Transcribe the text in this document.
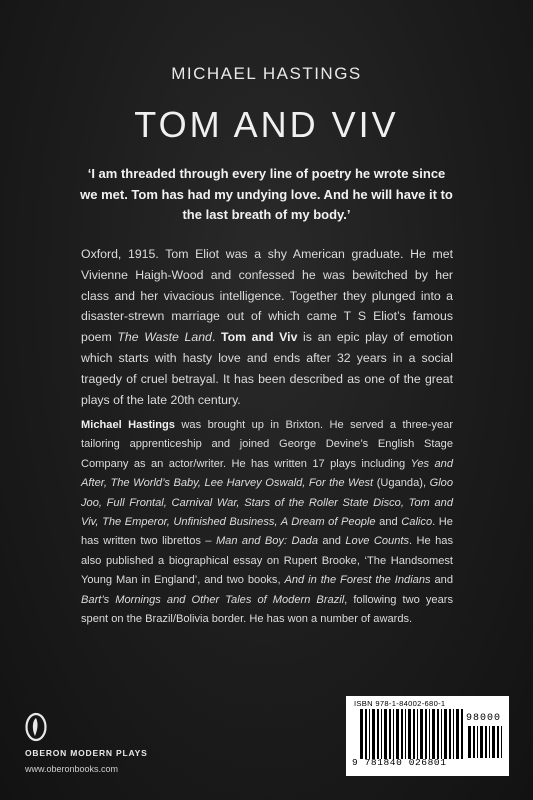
MICHAEL HASTINGS
TOM AND VIV

‘I am threaded through every line of poetry he wrote since we met. Tom has had my undying love. And he will have it to the last breath of my body.’

Oxford, 1915. Tom Eliot was a shy American graduate. He met Vivienne Haigh-Wood and confessed he was bewitched by her class and her vivacious intelligence. Together they plunged into a disaster-strewn marriage out of which came T S Eliot’s famous poem The Waste Land. Tom and Viv is an epic play of emotion which starts with hasty love and ends after 32 years in a social tragedy of cruel betrayal. It has been described as one of the great plays of the late 20th century.

Michael Hastings was brought up in Brixton. He served a three-year tailoring apprenticeship and joined George Devine’s English Stage Company as an actor/writer. He has written 17 plays including Yes and After, The World’s Baby, Lee Harvey Oswald, For the West (Uganda), Gloo Joo, Full Frontal, Carnival War, Stars of the Roller State Disco, Tom and Viv, The Emperor, Unfinished Business, A Dream of People and Calico. He has written two librettos – Man and Boy: Dada and Love Counts. He has also published a biographical essay on Rupert Brooke, ‘The Handsomest Young Man in England’, and two books, And in the Forest the Indians and Bart’s Mornings and Other Tales of Modern Brazil, following two years spent on the Brazil/Bolivia border. He has won a number of awards.

OBERON MODERN PLAYS
www.oberonbooks.com
ISBN 978-1-84002-680-1
98000
9 781840 026801
